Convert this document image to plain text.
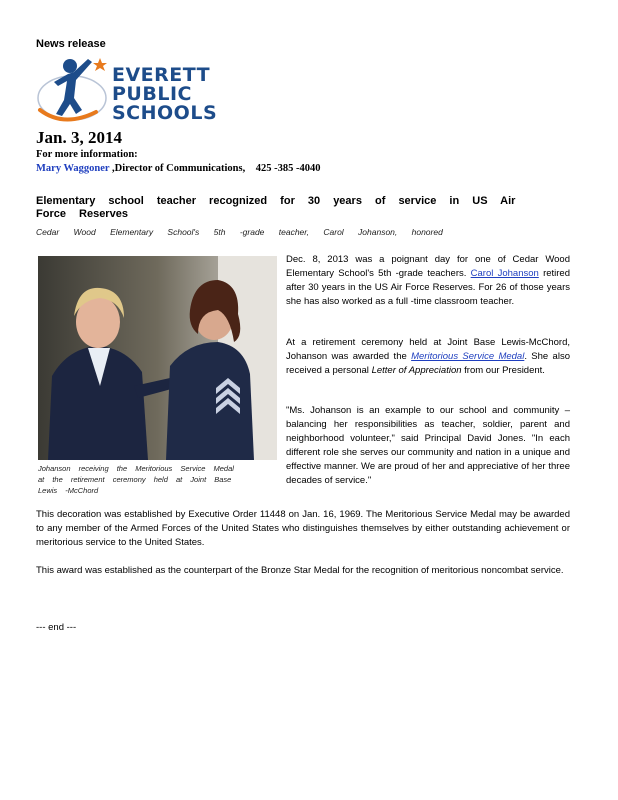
News release
EVERETT
PUBLIC
SCHOOLS
Jan. 3, 2014
For more information:
Mary Waggoner ,Director of Communications, 425 -385 -4040
Elementary school teacher recognized for 30 years of service in US Air Force Reserves
Cedar Wood Elementary School's 5th -grade teacher, Carol Johanson, honored
Johanson receiving the Meritorious Service Medal at the retirement ceremony held at Joint Base Lewis -McChord
Dec. 8, 2013 was a poignant day for one of Cedar Wood Elementary School's 5th -grade teachers. Carol Johanson retired after 30 years in the US Air Force Reserves. For 26 of those years she has also worked as a full -time classroom teacher.
At a retirement ceremony held at Joint Base Lewis-McChord, Johanson was awarded the Meritorious Service Medal. She also received a personal Letter of Appreciation from our President.
"Ms. Johanson is an example to our school and community – balancing her responsibilities as teacher, soldier, parent and neighborhood volunteer," said Principal David Jones. "In each different role she serves our community and nation in a unique and effective manner. We are proud of her and appreciative of her three decades of service."
This decoration was established by Executive Order 11448 on Jan. 16, 1969. The Meritorious Service Medal may be awarded to any member of the Armed Forces of the United States who distinguishes themselves by either outstanding achievement or meritorious service to the United States.
This award was established as the counterpart of the Bronze Star Medal for the recognition of meritorious noncombat service.
--- end ---
